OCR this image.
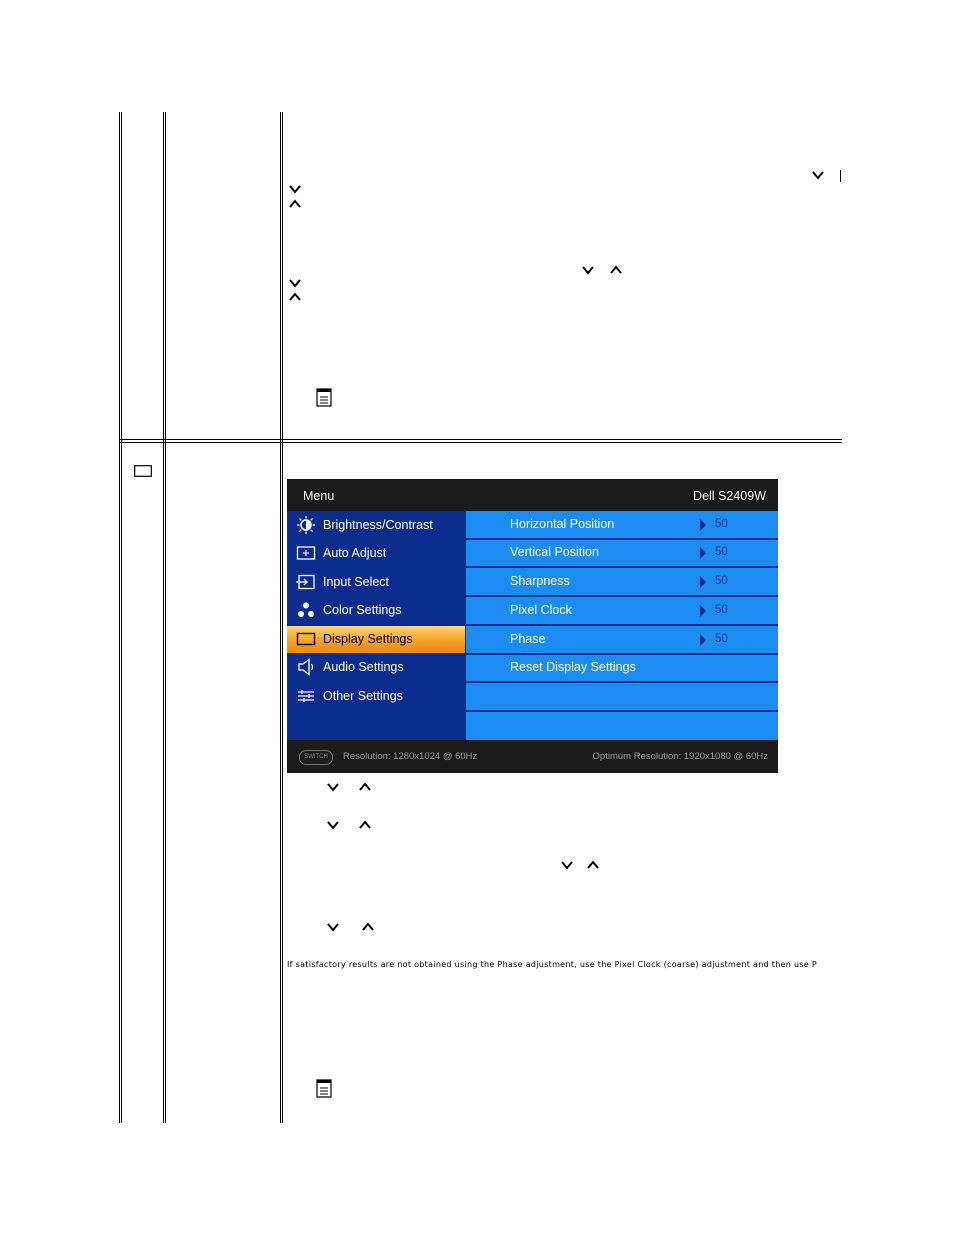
Menu	Dell S2409W
Brightness/Contrast
Auto Adjust
Input Select
Color Settings
Display Settings
Audio Settings
Other Settings
Horizontal Position	50
Vertical Position	50
Sharpness	50
Pixel Clock	50
Phase	50
Reset Display Settings
SWITCH	Resolution: 1280x1024 @ 60Hz	Optimum Resolution: 1920x1080 @ 60Hz
If satisfactory results are not obtained using the Phase adjustment, use the Pixel Clock (coarse) adjustment and then use P
